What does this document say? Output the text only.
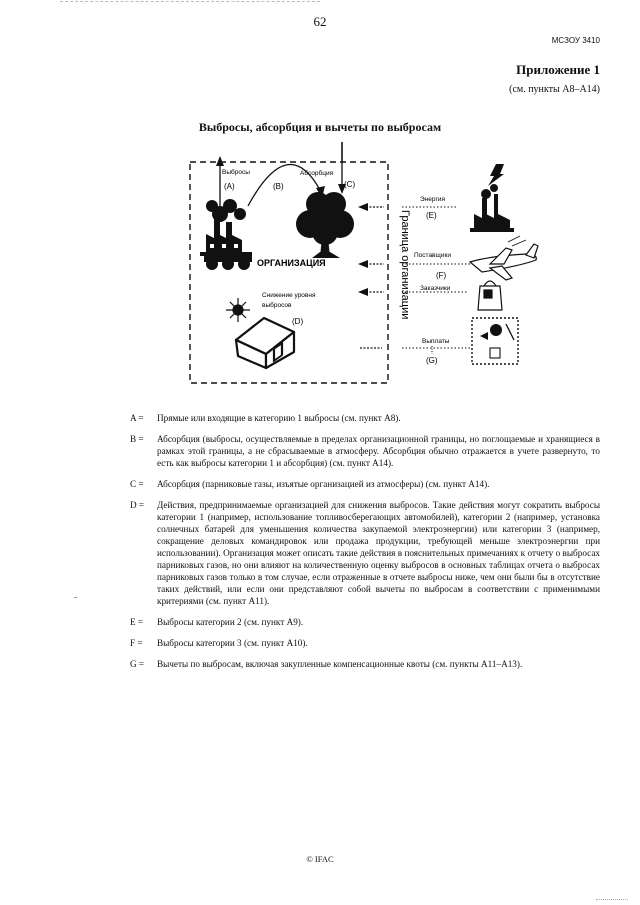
62
МСЗОУ 3410
Приложение 1
(см. пункты A8–A14)
Выбросы, абсорбция и вычеты по выбросам
Выбросы
(A)	(B)
Абсорбция
(C)
ОРГАНИЗАЦИЯ
Снижение уровня
выбросов
(D)
Граница организации
Энергия
(E)
Поставщики
(F)
Заказчики
Выплаты
(G)
A =	Прямые или входящие в категорию 1 выбросы (см. пункт A8).
B =	Абсорбция (выбросы, осуществляемые в пределах организационной границы, но поглощаемые и хранящиеся в рамках этой границы, а не сбрасываемые в атмосферу. Абсорбция обычно отражается в учете развернуто, то есть как выбросы категории 1 и абсорбция) (см. пункт A14).
C =	Абсорбция (парниковые газы, изъятые организацией из атмосферы) (см. пункт A14).
D =	Действия, предпринимаемые организацией для снижения выбросов. Такие действия могут сократить выбросы категории 1 (например, использование топливосберегающих автомобилей), категории 2 (например, установка солнечных батарей для уменьшения количества закупаемой электроэнергии) или категории 3 (например, сокращение деловых командировок или продажа продукции, требующей меньше электроэнергии при использовании). Организация может описать такие действия в пояснительных примечаниях к отчету о выбросах парниковых газов, но они влияют на количественную оценку выбросов в основных таблицах отчета о выбросах парниковых газов только в том случае, если отраженные в отчете выбросы ниже, чем они были бы в отсутствие таких действий, или если они представляют собой вычеты по выбросам в соответствии с применимыми критериями (см. пункт A11).
E =	Выбросы категории 2 (см. пункт A9).
F =	Выбросы категории 3 (см. пункт A10).
G =	Вычеты по выбросам, включая закупленные компенсационные квоты (см. пункты A11–A13).
© IFAC
